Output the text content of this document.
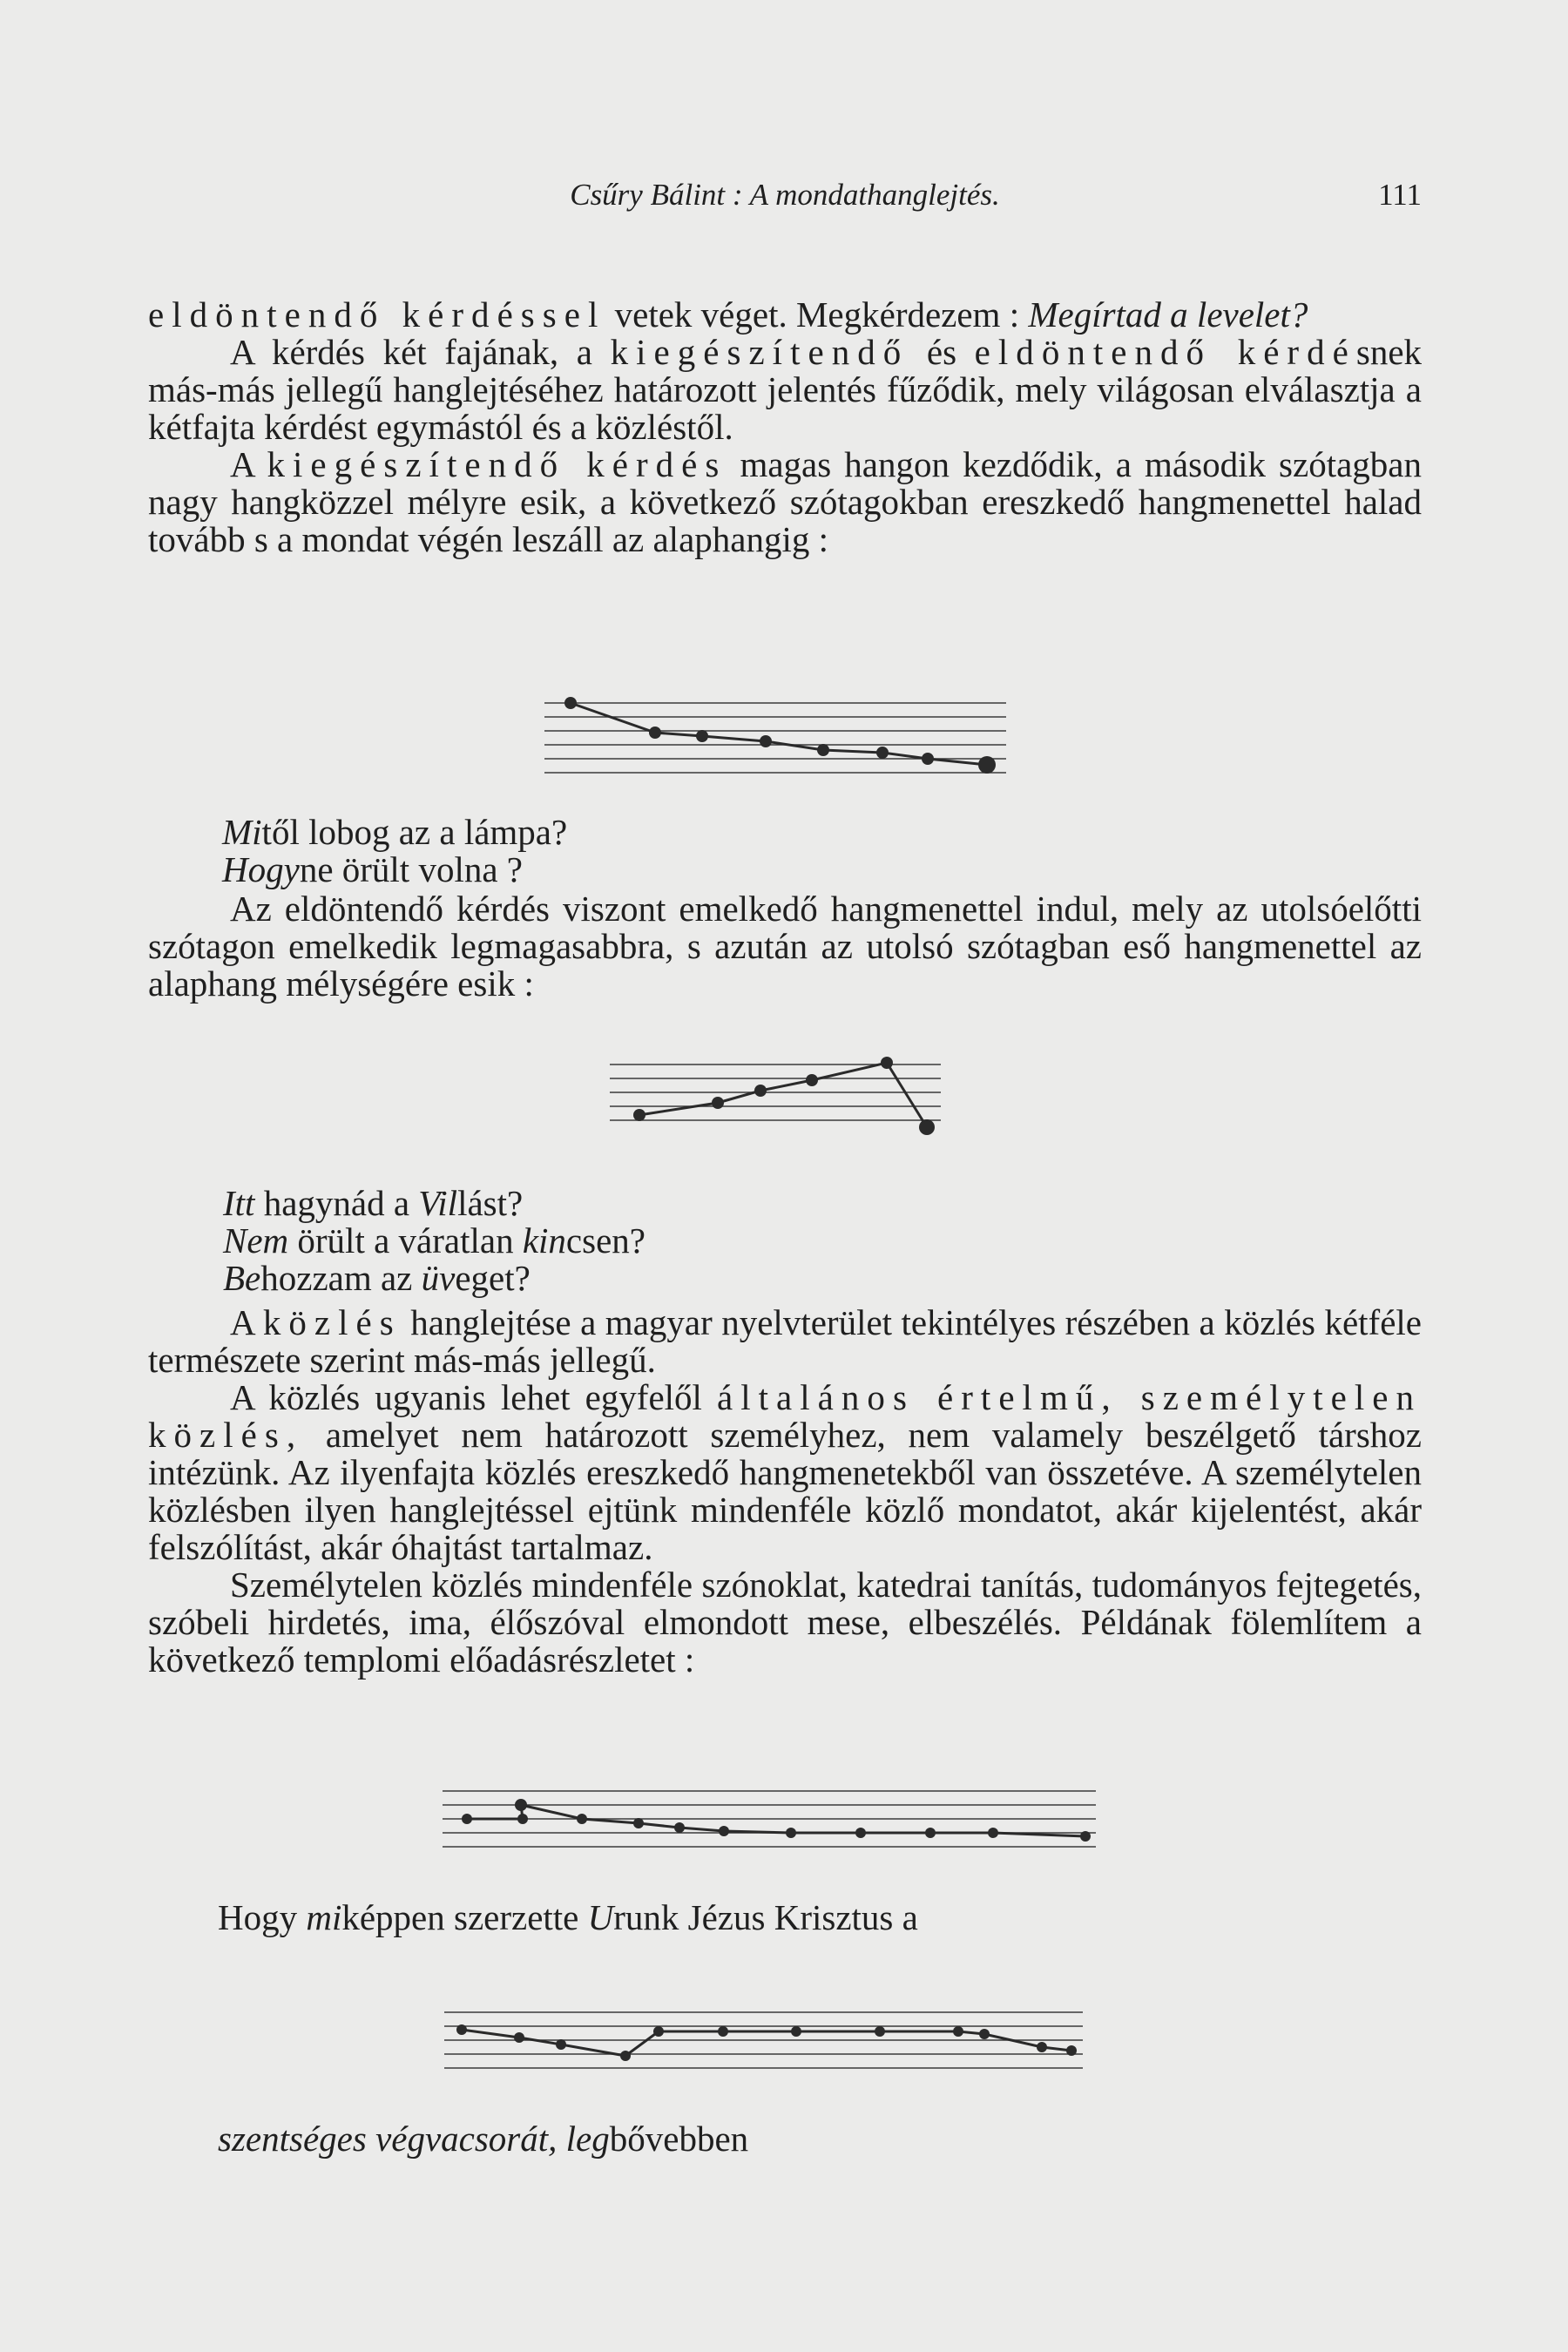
Csűry Bálint : A mondathanglejtés.	111

eldöntendő kérdéssel vetek véget. Megkérdezem : Megírtad a levelet?

A kérdés két fajának, a kiegészítendő és eldöntendő kérdésnek más-más jellegű hanglejtéséhez határozott jelentés fűződik, mely világosan elválasztja a kétfajta kérdést egymástól és a közléstől.

A kiegészítendő kérdés magas hangon kezdődik, a második szótagban nagy hangközzel mélyre esik, a következő szótagokban ereszkedő hangmenettel halad tovább s a mondat végén leszáll az alaphangig :

Mitől lobog az a lámpa?

Hogyne örült volna ?

Az eldöntendő kérdés viszont emelkedő hangmenettel indul, mely az utolsóelőtti szótagon emelkedik legmagasabbra, s azután az utolsó szótagban eső hangmenettel az alaphang mélységére esik :

Itt hagynád a Villást?

Nem örült a váratlan kincsen?

Behozzam az üveget?

A közlés hanglejtése a magyar nyelvterület tekintélyes részében a közlés kétféle természete szerint más-más jellegű.

A közlés ugyanis lehet egyfelől általános értelmű, személytelen közlés, amelyet nem határozott személyhez, nem valamely beszélgető társhoz intézünk. Az ilyenfajta közlés ereszkedő hangmenetekből van összetéve. A személytelen közlésben ilyen hanglejtéssel ejtünk mindenféle közlő mondatot, akár kijelentést, akár felszólítást, akár óhajtást tartalmaz.

Személytelen közlés mindenféle szónoklat, katedrai tanítás, tudományos fejtegetés, szóbeli hirdetés, ima, élőszóval elmondott mese, elbeszélés. Példának fölemlítem a következő templomi előadásrészletet :

Hogy miképpen szerzette Urunk Jézus Krisztus a

szentséges végvacsorát, legbővebben
